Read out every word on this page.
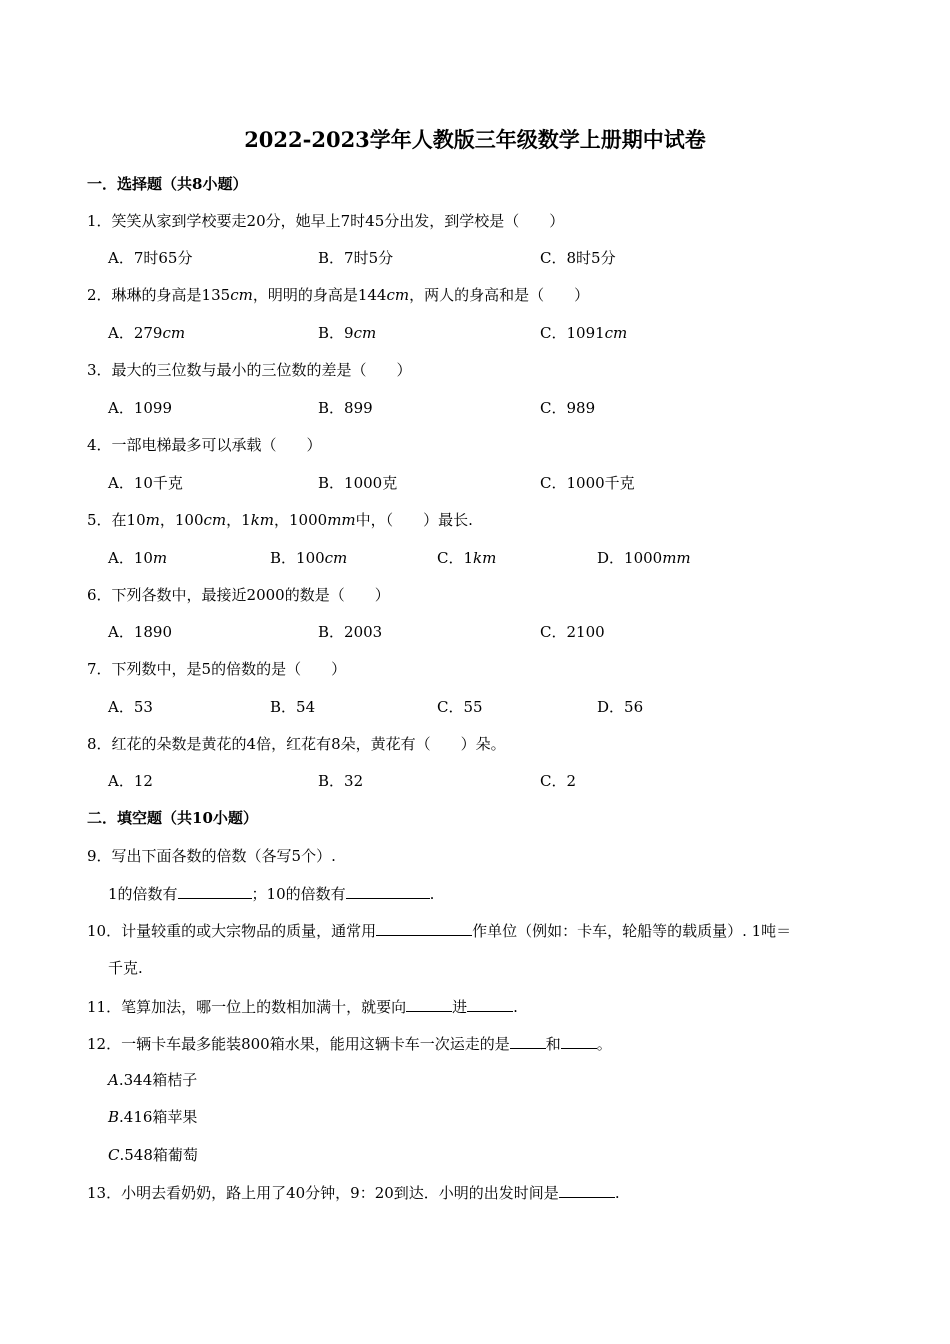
2022-2023学年人教版三年级数学上册期中试卷
一．选择题（共8小题）
1．笑笑从家到学校要走20分，她早上7时45分出发，到学校是（　　）
A．7时65分	B．7时5分	C．8时5分
2．琳琳的身高是135cm，明明的身高是144cm，两人的身高和是（　　）
A．279cm	B．9cm	C．1091cm
3．最大的三位数与最小的三位数的差是（　　）
A．1099	B．899	C．989
4．一部电梯最多可以承载（　　）
A．10千克	B．1000克	C．1000千克
5．在10m，100cm，1km，1000mm中，（　　）最长.
A．10m	B．100cm	C．1km	D．1000mm
6．下列各数中，最接近2000的数是（　　）
A．1890	B．2003	C．2100
7．下列数中，是5的倍数的是（　　）
A．53	B．54	C．55	D．56
8．红花的朵数是黄花的4倍，红花有8朵，黄花有（　　）朵。
A．12	B．32	C．2
二．填空题（共10小题）
9．写出下面各数的倍数（各写5个）.
1的倍数有	；10的倍数有	.
10．计量较重的或大宗物品的质量，通常用	作单位（例如：卡车，轮船等的载质量）. 1吨＝
千克.
11．笔算加法，哪一位上的数相加满十，就要向	进	.
12．一辆卡车最多能装800箱水果，能用这辆卡车一次运走的是 和 。
A.344箱桔子
B.416箱苹果
C.548箱葡萄
13．小明去看奶奶，路上用了40分钟，9：20到达．小明的出发时间是	.
